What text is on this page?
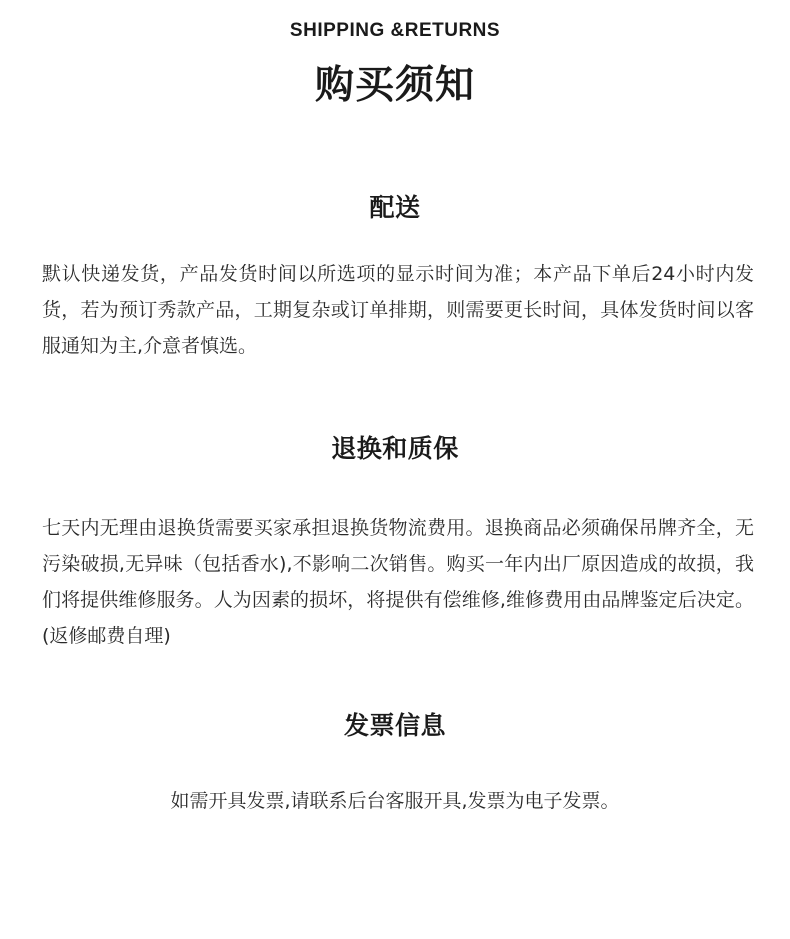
SHIPPING &RETURNS
购买须知
配送
默认快递发货，产品发货时间以所选项的显示时间为准；本产品下单后24小时内发货，若为预订秀款产品，工期复杂或订单排期，则需要更长时间，具体发货时间以客服通知为主,介意者慎选。
退换和质保
七天内无理由退换货需要买家承担退换货物流费用。退换商品必须确保吊牌齐全，无污染破损,无异味（包括香水),不影响二次销售。购买一年内出厂原因造成的故损，我们将提供维修服务。人为因素的损坏，将提供有偿维修,维修费用由品牌鉴定后决定。(返修邮费自理)
发票信息
如需开具发票,请联系后台客服开具,发票为电子发票。
